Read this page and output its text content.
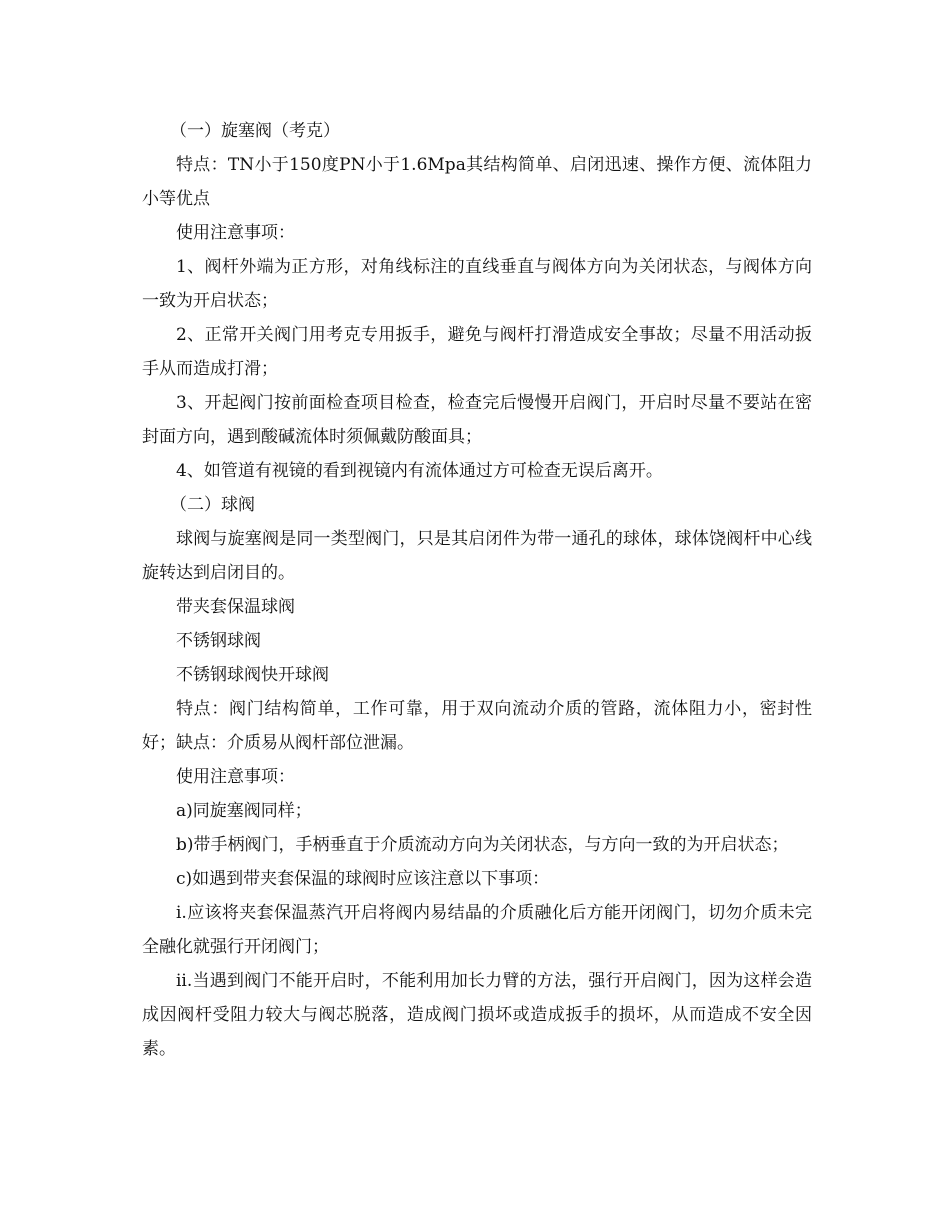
（一）旋塞阀（考克）

特点：TN小于150度PN小于1.6Mpa其结构简单、启闭迅速、操作方便、流体阻力小等优点

使用注意事项：

1、阀杆外端为正方形，对角线标注的直线垂直与阀体方向为关闭状态，与阀体方向一致为开启状态；

2、正常开关阀门用考克专用扳手，避免与阀杆打滑造成安全事故；尽量不用活动扳手从而造成打滑；

3、开起阀门按前面检查项目检查，检查完后慢慢开启阀门，开启时尽量不要站在密封面方向，遇到酸碱流体时须佩戴防酸面具；

4、如管道有视镜的看到视镜内有流体通过方可检查无误后离开。

（二）球阀

球阀与旋塞阀是同一类型阀门，只是其启闭件为带一通孔的球体，球体饶阀杆中心线旋转达到启闭目的。

带夹套保温球阀

不锈钢球阀

不锈钢球阀快开球阀

特点：阀门结构简单，工作可靠，用于双向流动介质的管路，流体阻力小，密封性好；缺点：介质易从阀杆部位泄漏。

使用注意事项：

a)同旋塞阀同样；

b)带手柄阀门，手柄垂直于介质流动方向为关闭状态，与方向一致的为开启状态；

c)如遇到带夹套保温的球阀时应该注意以下事项：

i.应该将夹套保温蒸汽开启将阀内易结晶的介质融化后方能开闭阀门，切勿介质未完全融化就强行开闭阀门；

ii.当遇到阀门不能开启时，不能利用加长力臂的方法，强行开启阀门，因为这样会造成因阀杆受阻力较大与阀芯脱落，造成阀门损坏或造成扳手的损坏，从而造成不安全因素。
